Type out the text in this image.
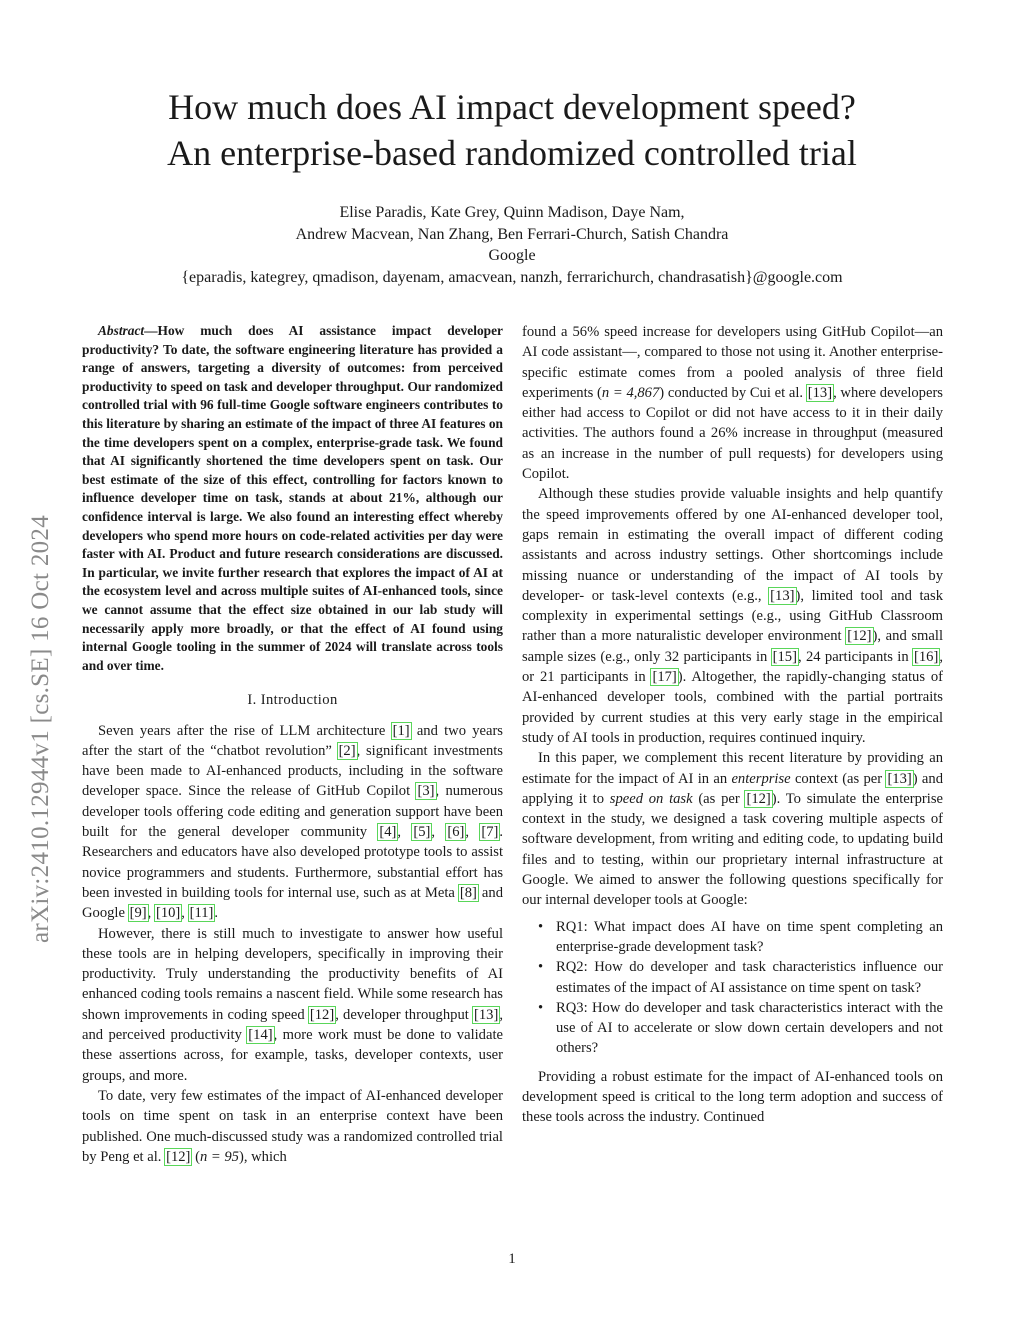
How much does AI impact development speed?
An enterprise-based randomized controlled trial
Elise Paradis, Kate Grey, Quinn Madison, Daye Nam,
Andrew Macvean, Nan Zhang, Ben Ferrari-Church, Satish Chandra
Google
{eparadis, kategrey, qmadison, dayenam, amacvean, nanzh, ferrarichurch, chandrasatish}@google.com
arXiv:2410.12944v1 [cs.SE] 16 Oct 2024

Abstract—How much does AI assistance impact developer productivity? To date, the software engineering literature has provided a range of answers, targeting a diversity of outcomes: from perceived productivity to speed on task and developer throughput. Our randomized controlled trial with 96 full-time Google software engineers contributes to this literature by sharing an estimate of the impact of three AI features on the time developers spent on a complex, enterprise-grade task. We found that AI significantly shortened the time developers spent on task. Our best estimate of the size of this effect, controlling for factors known to influence developer time on task, stands at about 21%, although our confidence interval is large. We also found an interesting effect whereby developers who spend more hours on code-related activities per day were faster with AI. Product and future research considerations are discussed. In particular, we invite further research that explores the impact of AI at the ecosystem level and across multiple suites of AI-enhanced tools, since we cannot assume that the effect size obtained in our lab study will necessarily apply more broadly, or that the effect of AI found using internal Google tooling in the summer of 2024 will translate across tools and over time.

I. Introduction

Seven years after the rise of LLM architecture [1] and two years after the start of the “chatbot revolution” [2], significant investments have been made to AI-enhanced products, including in the software developer space. Since the release of GitHub Copilot [3], numerous developer tools offering code editing and generation support have been built for the general developer community [4], [5], [6], [7]. Researchers and educators have also developed prototype tools to assist novice programmers and students. Furthermore, substantial effort has been invested in building tools for internal use, such as at Meta [8] and Google [9], [10], [11].

However, there is still much to investigate to answer how useful these tools are in helping developers, specifically in improving their productivity. Truly understanding the productivity benefits of AI enhanced coding tools remains a nascent field. While some research has shown improvements in coding speed [12], developer throughput [13], and perceived productivity [14], more work must be done to validate these assertions across, for example, tasks, developer contexts, user groups, and more.

To date, very few estimates of the impact of AI-enhanced developer tools on time spent on task in an enterprise context have been published. One much-discussed study was a randomized controlled trial by Peng et al. [12] (n = 95), which

found a 56% speed increase for developers using GitHub Copilot—an AI code assistant—, compared to those not using it. Another enterprise-specific estimate comes from a pooled analysis of three field experiments (n = 4,867) conducted by Cui et al. [13], where developers either had access to Copilot or did not have access to it in their daily activities. The authors found a 26% increase in throughput (measured as an increase in the number of pull requests) for developers using Copilot.

Although these studies provide valuable insights and help quantify the speed improvements offered by one AI-enhanced developer tool, gaps remain in estimating the overall impact of different coding assistants and across industry settings. Other shortcomings include missing nuance or understanding of the impact of AI tools by developer- or task-level contexts (e.g., [13]), limited tool and task complexity in experimental settings (e.g., using GitHub Classroom rather than a more naturalistic developer environment [12]), and small sample sizes (e.g., only 32 participants in [15], 24 participants in [16], or 21 participants in [17]). Altogether, the rapidly-changing status of AI-enhanced developer tools, combined with the partial portraits provided by current studies at this very early stage in the empirical study of AI tools in production, requires continued inquiry.

In this paper, we complement this recent literature by providing an estimate for the impact of AI in an enterprise context (as per [13]) and applying it to speed on task (as per [12]). To simulate the enterprise context in the study, we designed a task covering multiple aspects of software development, from writing and editing code, to updating build files and to testing, within our proprietary internal infrastructure at Google. We aimed to answer the following questions specifically for our internal developer tools at Google:

• RQ1: What impact does AI have on time spent completing an enterprise-grade development task?
• RQ2: How do developer and task characteristics influence our estimates of the impact of AI assistance on time spent on task?
• RQ3: How do developer and task characteristics interact with the use of AI to accelerate or slow down certain developers and not others?

Providing a robust estimate for the impact of AI-enhanced tools on development speed is critical to the long term adoption and success of these tools across the industry. Continued

1
